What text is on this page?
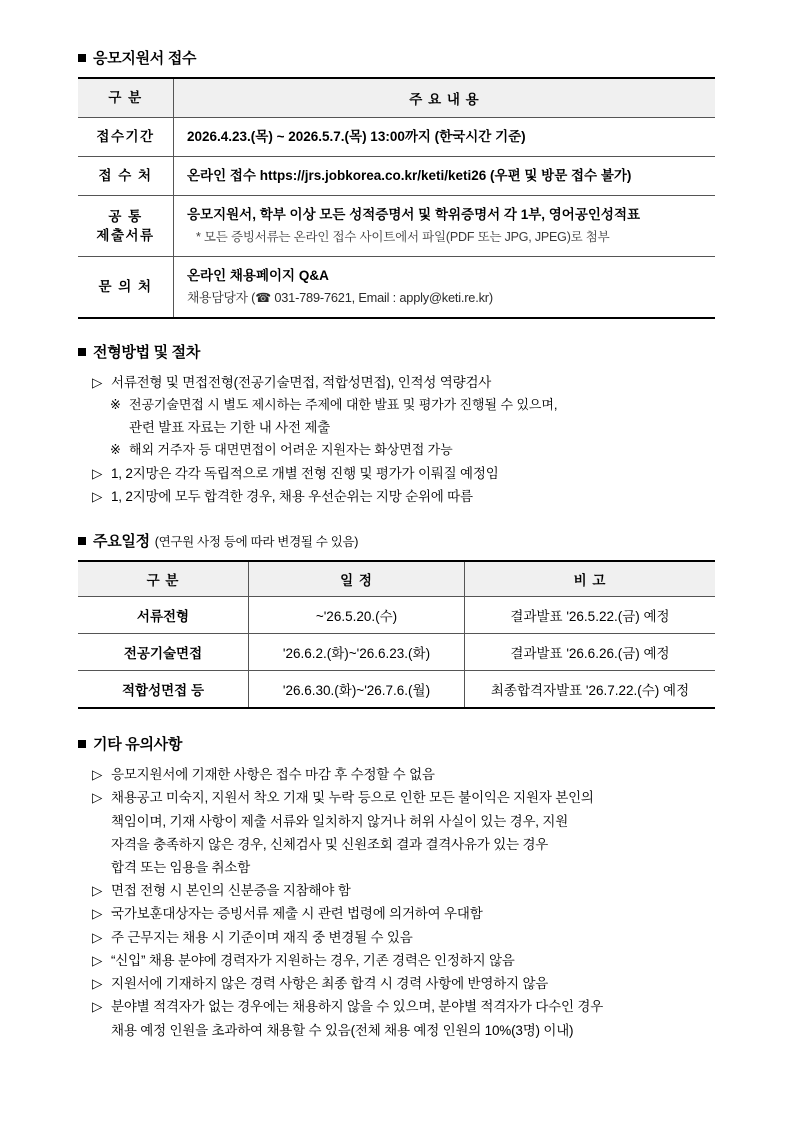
응모지원서 접수
구 분	주 요 내 용
접수기간	2026.4.23.(목) ~ 2026.5.7.(목) 13:00까지 (한국시간 기준)
접 수 처	온라인 접수 https://jrs.jobkorea.co.kr/keti/keti26 (우편 및 방문 접수 불가)
공 통
제출서류	응모지원서, 학부 이상 모든 성적증명서 및 학위증명서 각 1부, 영어공인성적표
* 모든 증빙서류는 온라인 접수 사이트에서 파일(PDF 또는 JPG, JPEG)로 첨부

문 의 처	온라인 채용페이지 Q&A
채용담당자 (☎ 031-789-7621, Email : apply@keti.re.kr)
전형방법 및 절차
▷ 서류전형 및 면접전형(전공기술면접, 적합성면접), 인적성 역량검사
※ 전공기술면접 시 별도 제시하는 주제에 대한 발표 및 평가가 진행될 수 있으며,
관련 발표 자료는 기한 내 사전 제출
※ 해외 거주자 등 대면면접이 어려운 지원자는 화상면접 가능
▷ 1, 2지망은 각각 독립적으로 개별 전형 진행 및 평가가 이뤄질 예정임
▷ 1, 2지망에 모두 합격한 경우, 채용 우선순위는 지망 순위에 따름
주요일정 (연구원 사정 등에 따라 변경될 수 있음)
구 분	일 정	비 고
서류전형	~'26.5.20.(수)	결과발표 '26.5.22.(금) 예정
전공기술면접	'26.6.2.(화)~'26.6.23.(화)	결과발표 '26.6.26.(금) 예정
적합성면접 등	'26.6.30.(화)~'26.7.6.(월)	최종합격자발표 '26.7.22.(수) 예정
기타 유의사항
▷ 응모지원서에 기재한 사항은 접수 마감 후 수정할 수 없음
▷ 채용공고 미숙지, 지원서 착오 기재 및 누락 등으로 인한 모든 불이익은 지원자 본인의
책임이며, 기재 사항이 제출 서류와 일치하지 않거나 허위 사실이 있는 경우, 지원
자격을 충족하지 않은 경우, 신체검사 및 신원조회 결과 결격사유가 있는 경우
합격 또는 임용을 취소함
▷ 면접 전형 시 본인의 신분증을 지참해야 함
▷ 국가보훈대상자는 증빙서류 제출 시 관련 법령에 의거하여 우대함
▷ 주 근무지는 채용 시 기준이며 재직 중 변경될 수 있음
▷ “신입” 채용 분야에 경력자가 지원하는 경우, 기존 경력은 인정하지 않음
▷ 지원서에 기재하지 않은 경력 사항은 최종 합격 시 경력 사항에 반영하지 않음
▷ 분야별 적격자가 없는 경우에는 채용하지 않을 수 있으며, 분야별 적격자가 다수인 경우
채용 예정 인원을 초과하여 채용할 수 있음(전체 채용 예정 인원의 10%(3명) 이내)
